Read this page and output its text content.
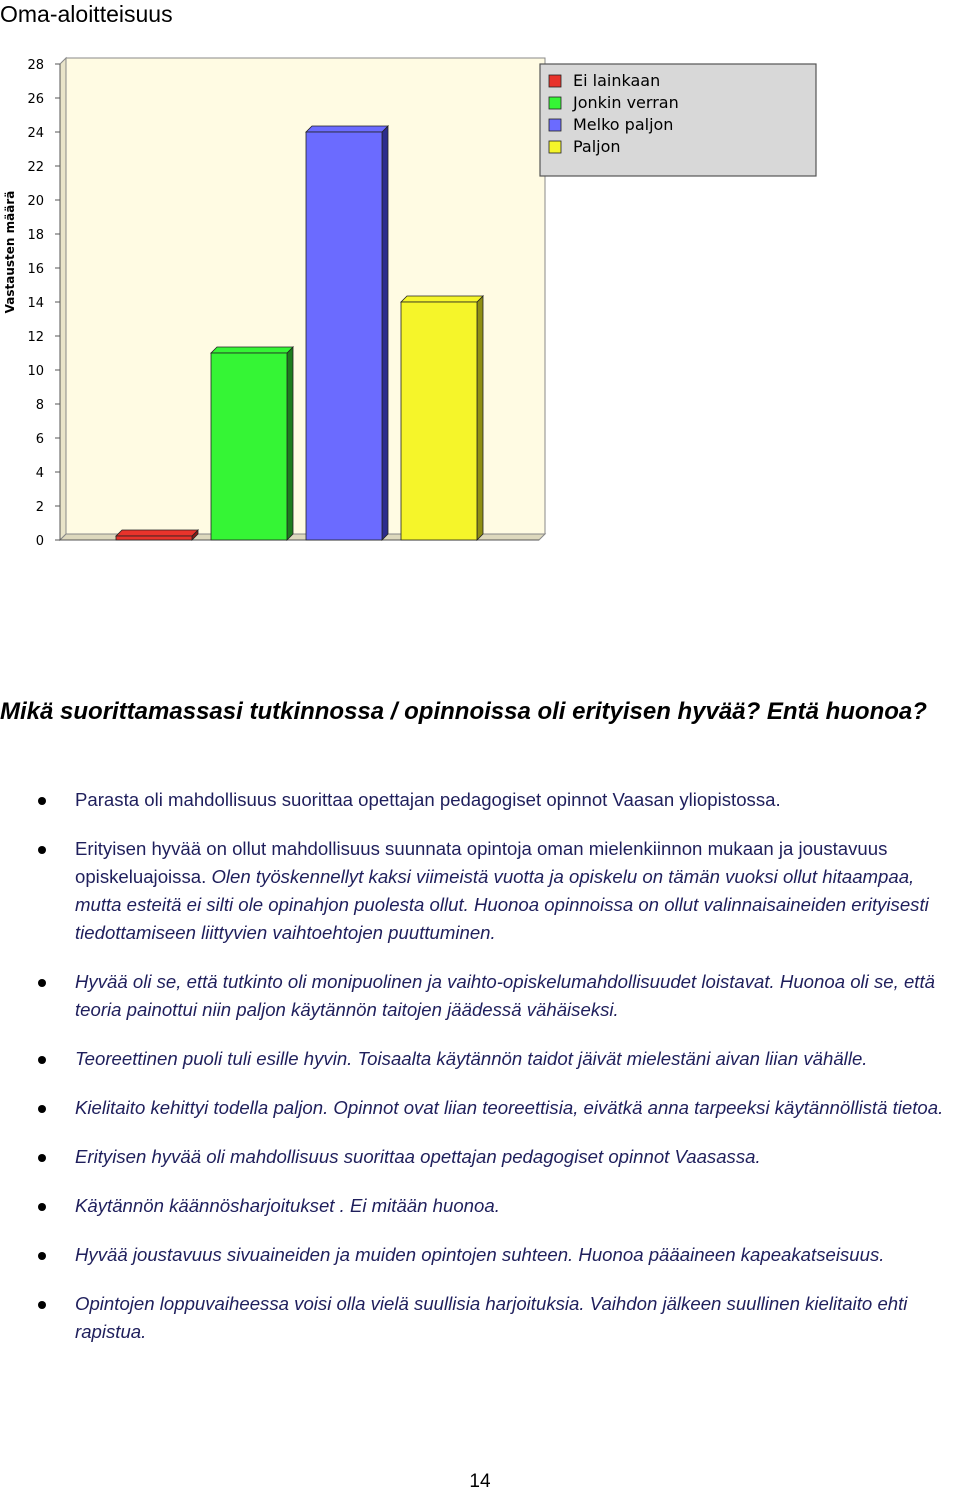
Oma-aloitteisuus
0
2
4
6
8
10
12
14
16
18
20
22
24
26
28
Vastausten määrä
Ei lainkaan
Jonkin verran
Melko paljon
Paljon

Mikä suorittamassasi tutkinnossa / opinnoissa oli erityisen hyvää? Entä huonoa?

Parasta oli mahdollisuus suorittaa opettajan pedagogiset opinnot Vaasan yliopistossa.
Erityisen hyvää on ollut mahdollisuus suunnata opintoja oman mielenkiinnon mukaan ja joustavuus opiskeluajoissa. Olen työskennellyt kaksi viimeistä vuotta ja opiskelu on tämän vuoksi ollut hitaampaa, mutta esteitä ei silti ole opinahjon puolesta ollut. Huonoa opinnoissa on ollut valinnaisaineiden erityisesti tiedottamiseen liittyvien vaihtoehtojen puuttuminen.
Hyvää oli se, että tutkinto oli monipuolinen ja vaihto-opiskelumahdollisuudet loistavat. Huonoa oli se, että teoria painottui niin paljon käytännön taitojen jäädessä vähäiseksi.
Teoreettinen puoli tuli esille hyvin. Toisaalta käytännön taidot jäivät mielestäni aivan liian vähälle.
Kielitaito kehittyi todella paljon. Opinnot ovat liian teoreettisia, eivätkä anna tarpeeksi käytännöllistä tietoa.
Erityisen hyvää oli mahdollisuus suorittaa opettajan pedagogiset opinnot Vaasassa.
Käytännön käännösharjoitukset . Ei mitään huonoa.
Hyvää joustavuus sivuaineiden ja muiden opintojen suhteen. Huonoa pääaineen kapeakatseisuus.
Opintojen loppuvaiheessa voisi olla vielä suullisia harjoituksia. Vaihdon jälkeen suullinen kielitaito ehti rapistua.
14
